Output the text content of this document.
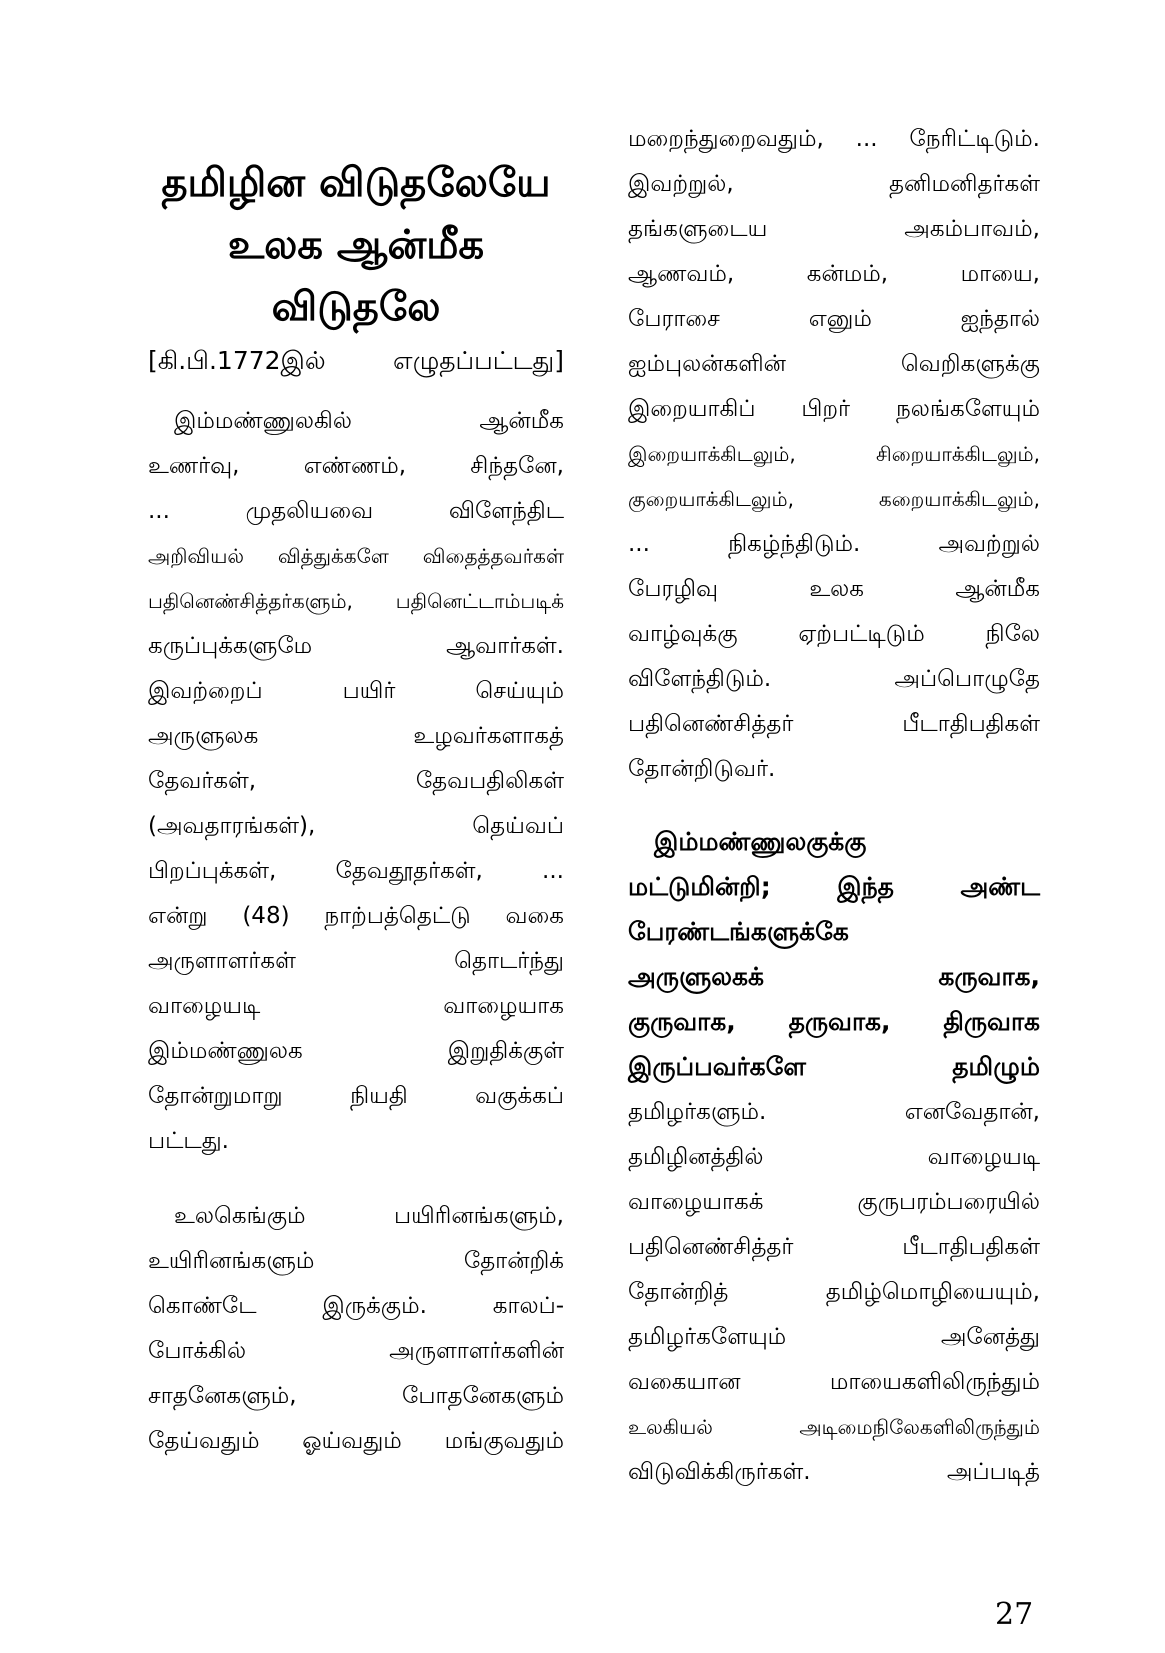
தமிழின விடுதலேயே
உலக ஆன்மீக
விடுதலே
[கி.பி.1772இல் எழுதப்பட்டது]
இம்மண்ணுலகில் ஆன்மீக
உணர்வு, எண்ணம், சிந்தனே,
... முதலியவை விளேந்திட
அறிவியல் வித்துக்களே விதைத்தவர்கள்
பதினெண்சித்தர்களும், பதினெட்டாம்படிக்
கருப்புக்களுமே ஆவார்கள்.
இவற்றைப் பயிர் செய்யும்
அருளுலக உழவர்களாகத்
தேவர்கள், தேவபதிலிகள்
(அவதாரங்கள்), தெய்வப்
பிறப்புக்கள், தேவதூதர்கள், ...
என்று (48) நாற்பத்தெட்டு வகை
அருளாளர்கள் தொடர்ந்து
வாழையடி வாழையாக
இம்மண்ணுலக இறுதிக்குள்
தோன்றுமாறு நியதி வகுக்கப்
பட்டது.
உலகெங்கும் பயிரினங்களும்,
உயிரினங்களும் தோன்றிக்
கொண்டே இருக்கும். காலப்-
போக்கில் அருளாளர்களின்
சாதனேகளும், போதனேகளும்
தேய்வதும் ஓய்வதும் மங்குவதும்
மறைந்துறைவதும், ... நேரிட்டிடும்.
இவற்றுல், தனிமனிதர்கள்
தங்களுடைய அகம்பாவம்,
ஆணவம், கன்மம், மாயை,
பேராசை எனும் ஐந்தால்
ஐம்புலன்களின் வெறிகளுக்கு
இறையாகிப் பிறர் நலங்களேயும்
இறையாக்கிடலும், சிறையாக்கிடலும்,
குறையாக்கிடலும், கறையாக்கிடலும்,
... நிகழ்ந்திடும். அவற்றுல்
பேரழிவு உலக ஆன்மீக
வாழ்வுக்கு ஏற்பட்டிடும் நிலே
விளேந்திடும். அப்பொழுதே
பதினெண்சித்தர் பீடாதிபதிகள்
தோன்றிடுவர்.
இம்மண்ணுலகுக்கு
மட்டுமின்றி; இந்த அண்ட
பேரண்டங்களுக்கே
அருளுலகக் கருவாக,
குருவாக, தருவாக, திருவாக
இருப்பவர்களே தமிழும்
தமிழர்களும். எனவேதான்,
தமிழினத்தில் வாழையடி
வாழையாகக் குருபரம்பரையில்
பதினெண்சித்தர் பீடாதிபதிகள்
தோன்றித் தமிழ்மொழியையும்,
தமிழர்களேயும் அனேத்து
வகையான மாயைகளிலிருந்தும்
உலகியல் அடிமைநிலேகளிலிருந்தும்
விடுவிக்கிருர்கள். அப்படித்
27
